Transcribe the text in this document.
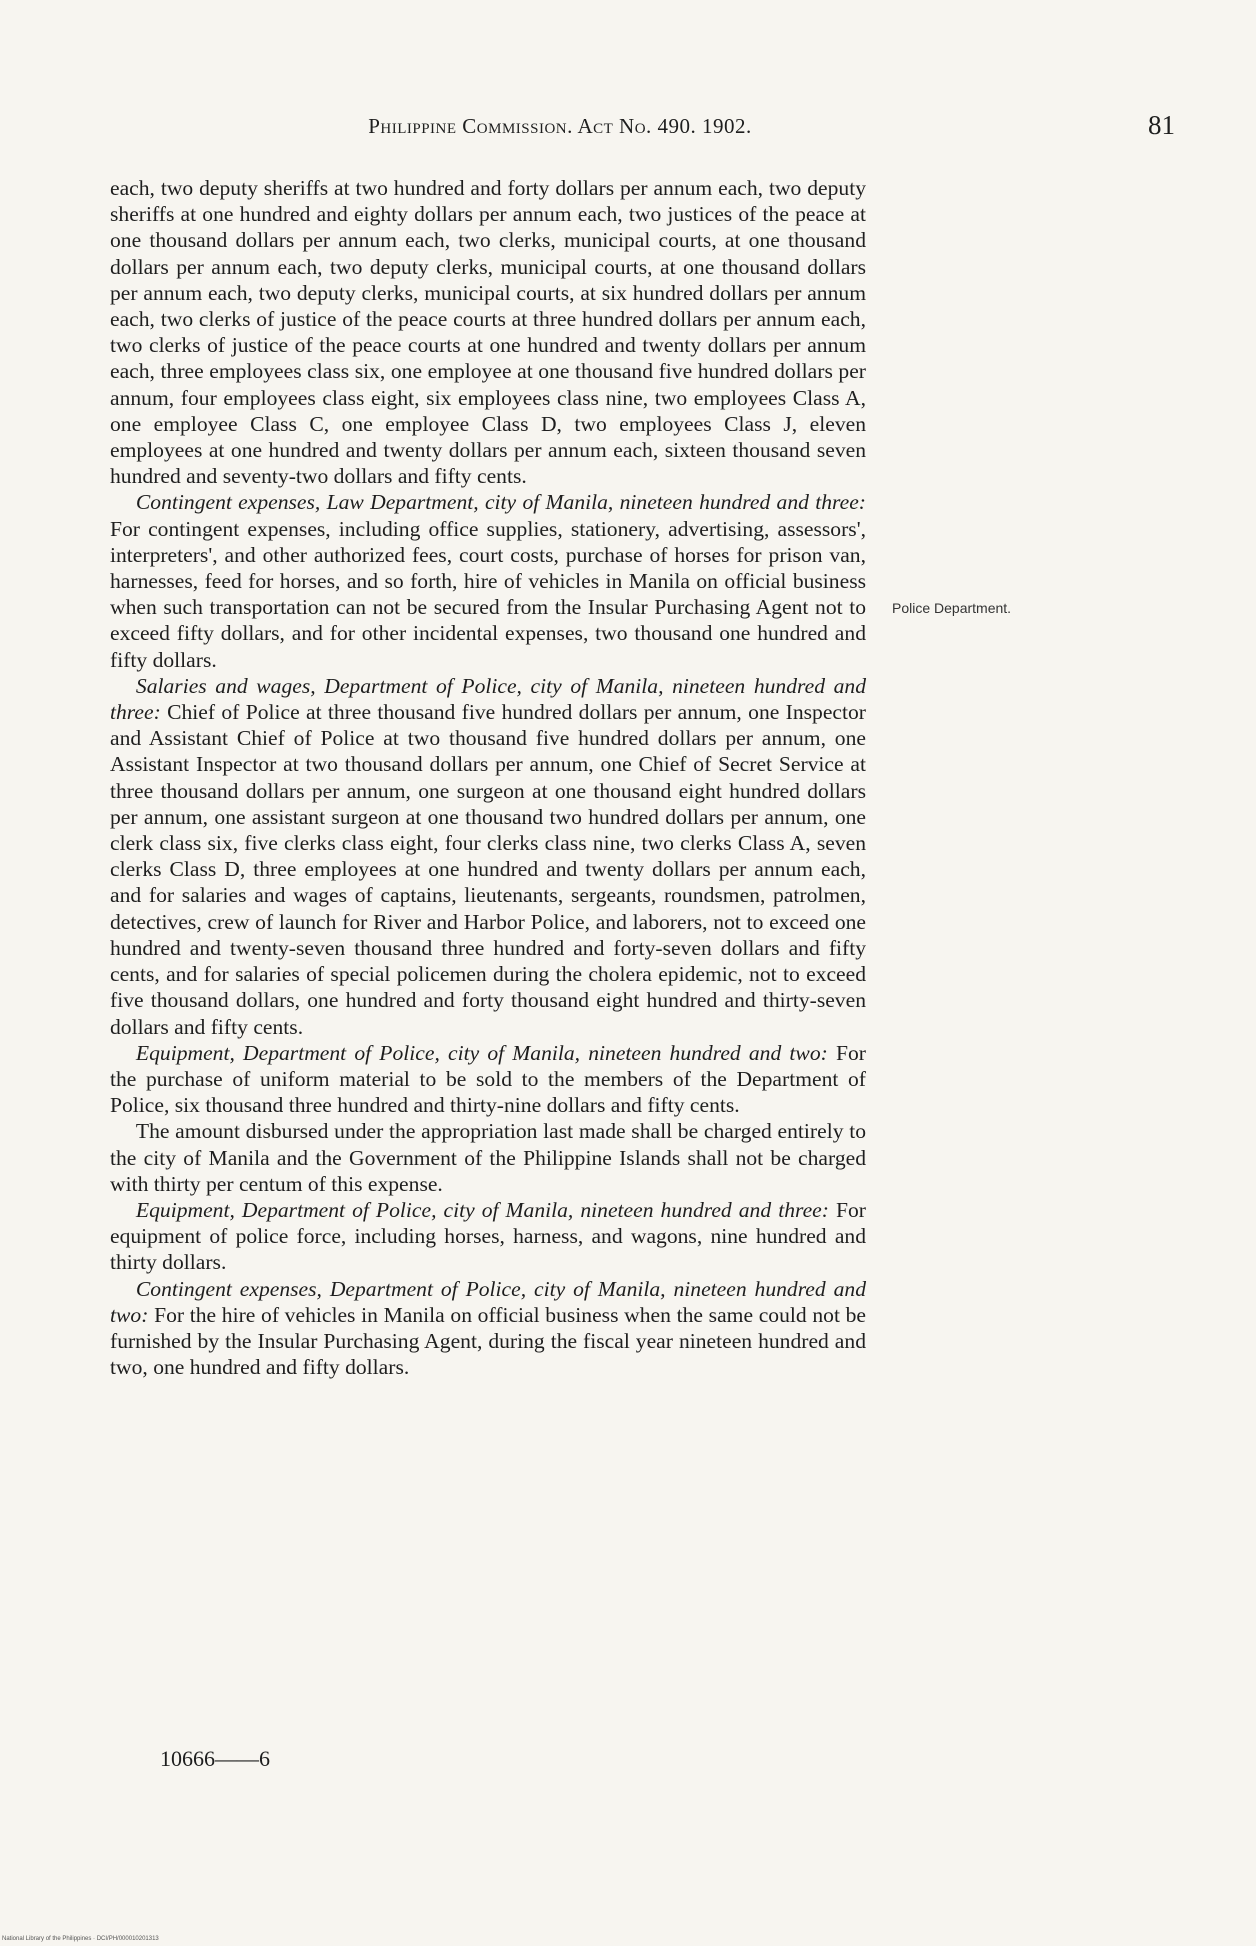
Philippine Commission. Act No. 490. 1902.	81
Police Department.

each, two deputy sheriffs at two hundred and forty dollars per annum each, two deputy sheriffs at one hundred and eighty dollars per annum each, two justices of the peace at one thousand dollars per annum each, two clerks, municipal courts, at one thousand dollars per annum each, two deputy clerks, municipal courts, at one thousand dollars per annum each, two deputy clerks, municipal courts, at six hundred dollars per annum each, two clerks of justice of the peace courts at three hundred dollars per annum each, two clerks of justice of the peace courts at one hundred and twenty dollars per annum each, three employees class six, one employee at one thousand five hundred dollars per annum, four employees class eight, six employees class nine, two employees Class A, one employee Class C, one employee Class D, two employees Class J, eleven employees at one hundred and twenty dollars per annum each, sixteen thousand seven hundred and seventy-two dollars and fifty cents.

Contingent expenses, Law Department, city of Manila, nineteen hundred and three: For contingent expenses, including office supplies, stationery, advertising, assessors', interpreters', and other authorized fees, court costs, purchase of horses for prison van, harnesses, feed for horses, and so forth, hire of vehicles in Manila on official business when such transportation can not be secured from the Insular Purchasing Agent not to exceed fifty dollars, and for other incidental expenses, two thousand one hundred and fifty dollars.

Salaries and wages, Department of Police, city of Manila, nineteen hundred and three: Chief of Police at three thousand five hundred dollars per annum, one Inspector and Assistant Chief of Police at two thousand five hundred dollars per annum, one Assistant Inspector at two thousand dollars per annum, one Chief of Secret Service at three thousand dollars per annum, one surgeon at one thousand eight hundred dollars per annum, one assistant surgeon at one thousand two hundred dollars per annum, one clerk class six, five clerks class eight, four clerks class nine, two clerks Class A, seven clerks Class D, three employees at one hundred and twenty dollars per annum each, and for salaries and wages of captains, lieutenants, sergeants, roundsmen, patrolmen, detectives, crew of launch for River and Harbor Police, and laborers, not to exceed one hundred and twenty-seven thousand three hundred and forty-seven dollars and fifty cents, and for salaries of special policemen during the cholera epidemic, not to exceed five thousand dollars, one hundred and forty thousand eight hundred and thirty-seven dollars and fifty cents.

Equipment, Department of Police, city of Manila, nineteen hundred and two: For the purchase of uniform material to be sold to the members of the Department of Police, six thousand three hundred and thirty-nine dollars and fifty cents.

The amount disbursed under the appropriation last made shall be charged entirely to the city of Manila and the Government of the Philippine Islands shall not be charged with thirty per centum of this expense.

Equipment, Department of Police, city of Manila, nineteen hundred and three: For equipment of police force, including horses, harness, and wagons, nine hundred and thirty dollars.

Contingent expenses, Department of Police, city of Manila, nineteen hundred and two: For the hire of vehicles in Manila on official business when the same could not be furnished by the Insular Purchasing Agent, during the fiscal year nineteen hundred and two, one hundred and fifty dollars.

10666——6
National Library of the Philippines · DCI/PH/000010201313
